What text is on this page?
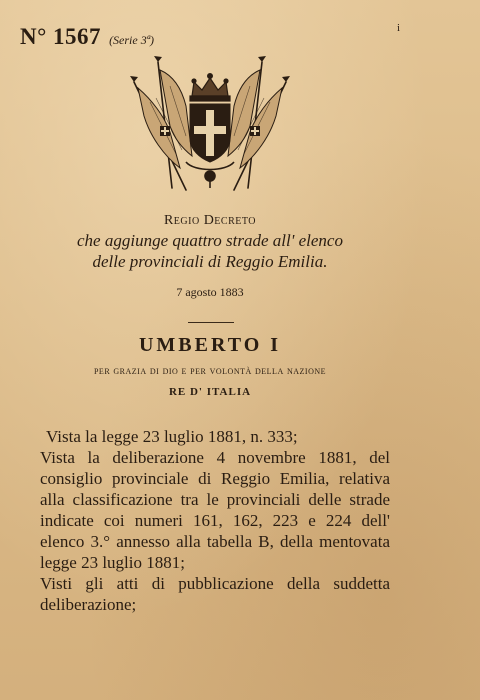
N° 1567 (Serie 3ª)
i
Regio Decreto
che aggiunge quattro strade all' elenco
delle provinciali di Reggio Emilia.
7 agosto 1883
UMBERTO I
per grazia di dio e per volontà della nazione
RE D' ITALIA

Vista la legge 23 luglio 1881, n. 333;

Vista la deliberazione 4 novembre 1881, del consiglio provinciale di Reggio Emilia, relativa alla classificazione tra le provinciali delle strade indicate coi numeri 161, 162, 223 e 224 dell' elenco 3.° annesso alla tabella B, della mentovata legge 23 luglio 1881;

Visti gli atti di pubblicazione della suddetta deliberazione;
